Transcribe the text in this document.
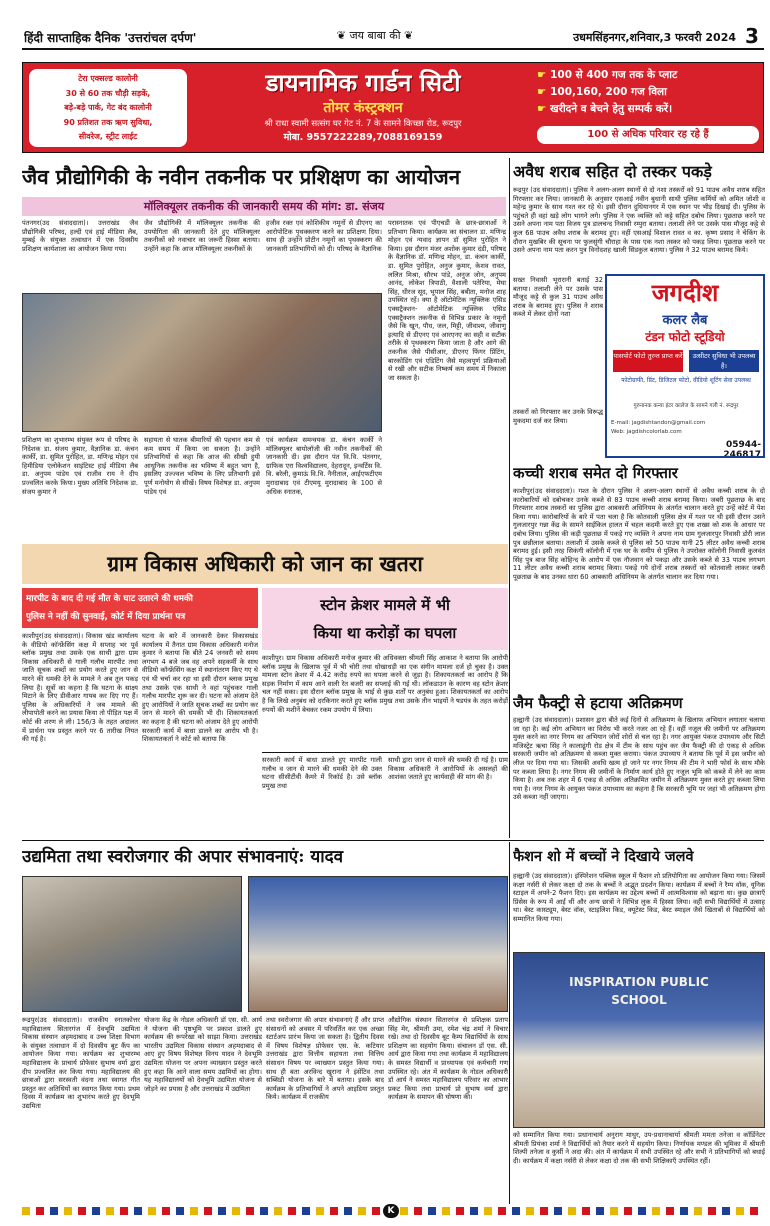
हिंदी साप्ताहिक दैनिक 'उत्तरांचल दर्पण'	❦ जय बाबा की ❦	उधमसिंहनगर,शनिवार,3 फरवरी 2024 3
टेरा एक्सल्ड कालोनी
30 से 60 तक चौड़ी सड़कें,
बड़े-बड़े पार्क, गेट बंद कालोनी
90 प्रतिशत तक ऋण सुविधा,
सीवरेज, स्ट्रीट लाईट
डायनामिक गार्डन सिटी
तोमर कंस्ट्रक्शन
श्री राधा स्वामी सत्संग घर गेट नं. 7 के सामने किच्छा रोड, रूदपुर
मोबा. 9557222289,7088169159
☛ 100 से 400 गज तक के प्लाट
☛ 100,160, 200 गज विला
☛ खरीदने व बेचने हेतु सम्पर्क करें।
100 से अधिक परिवार रह रहे हैं
जैव प्रौद्योगिकी के नवीन तकनीक पर प्रशिक्षण का आयोजन
मॉलिक्यूलर तकनीक की जानकारी समय की मांग: डा. संजय
पंतनगर(उद संवाददाता)। उत्तराखंड जैव प्रौद्योगिकी परिषद, हल्दी एवं हाई मीडिया लैब, मुम्बई के संयुक्त तत्वाधान में एक दिवसीय प्रशिक्षण कार्यशाला का आयोजन किया गया।
जैव प्रौद्योगिकी में मॉलिक्यूलर तकनीक की उपयोगिता की जानकारी देते हुए मॉलिक्यूलर तकनीकों को नवाचार का जरूरी हिस्सा बताया। उन्होंने कहा कि आज मॉलिक्यूलर तकनीकों के
हजीव रक्त एवं कोशिकीय नमूनों से डीएनए का आरोपोटिक पृथक्करण करने का प्रशिक्षण दिया। साथ ही उन्होंने प्रोटीन नमूनों का पृथक्करण की जानकारी प्रतिभागियों को दी। परिषद के वैज्ञानिक
परास्नातक एवं पीएचडी के छात्र-छात्राओं ने प्रतिभाग किया। कार्यक्रम का संचालन डा. मणिन्द्र मोहन एवं न्यवाद ज्ञापन डॉ सुमित पुरोहित ने किया। इस दौरान मंजर अशोक कुमार दंडी, परिषद के वैज्ञानिक डॉ. मणिन्द्र मोहन, डा. कंचन कार्की, डा. सुमित पुरोहित, अनुज कुमार, केशव रावत, ललित मिश्रा, सौरभ पांडे, अनुज जोन, अनुपम आनंद, लोकेश त्रिपाठी, वैशाली पतेरिया, मेघा सिंह, धीरज सूद, भूपाल सिंह, बबीता, मनोज शाह उपस्थित रहें। क्या है ऑटोमेटिक न्यूक्लिक एसिड एक्सट्रैक्शन- ऑटोमेटिक न्यूक्लिक एसिड एक्सट्रैक्शन तकनीक से विभिन्न प्रकार के नमूनों जैसे कि खून, पौध, जल, मिट्टी, जीवाश्म, जीवाणु इत्यादि से डीएनए एवं आरएनए का सही व सटीक तरीके से पृथक्करण किया जाता है और आगे की तकनीक जैसे पीसीआर, डीएनए फिंगर प्रिंटिंग, बारकोडिंग एवं एडिटिंग जैसे महत्वपूर्ण प्रक्रियाओं से रखी और सटीक निष्कर्ष कम समय में निकाला जा सकता है।
प्रशिक्षण का शुभारम्भ संयुक्त रूप से परिषद के निदेशक डा. संजय कुमार, वैज्ञानिक डा. कंचन कार्की, डा. सुमित पुरोहित, डा. मणिन्द्र मोहन एवं हिमीडिया एलोकेशन साइंटिस्ट हाई मीडिया लैब डा. अनुपम पांडेय एवं राजीव राय ने दीप प्रज्वलित करके किया। मुख्य अतिथि निदेशक डा. संजय कुमार ने
सहायता से घातक बीमारियों की पहचान कम से कम समय में किया जा सकता है। उन्होंने प्रतिभागियों से कहा कि आज की सीखी हुयी आधुनिक तकनीक का भविष्य में बहुत भाग है, इसलिए उज्ज्वल भविष्य के लिए प्रतिभागी इसे पूर्ण मनोयोग से सीखें। विषय विशेषज्ञ डा. अनुपम पांडेय एवं
एवं कार्यक्रम समन्वयक डा. कंचन कार्की ने मॉलिक्यूलर बायोलॉजी की नवीन तकनीकों की जानकारी दी। इस दौरान पंत वि.वि. पंतनगर, ग्राफिक एरा विश्वविद्यालय, देहरादून, इन्वर्टिस वि. वि. बरेली, कुमाऊं वि.वि. नैनीताल, आईएफटीएम मुरादाबाद एवं टीएमयू मुरादाबाद के 100 से अधिक स्नातक,
अवैध शराब सहित दो तस्कर पकड़े
रूद्रपुर (उद संवाददाता)। पुलिस ने अलग-अलग स्थानों से दो नशा तस्करों को 91 पाउच अवैध शराब सहित गिरफ्तार कर लिया। जानकारी के अनुसार एसआई नवीन बुधानी साथी पुलिस कर्मियों को अमित जोशी व महेन्द्र कुमार के साथ गश्त कर रहे थे। इसी दौरान दुधियानगर में एक स्थान पर भीड़ दिखाई दी। पुलिस के पहुंचते ही वहां खड़े लोग भागने लगे। पुलिस ने एक व्यक्ति को कट्टे सहित दबोच लिया। पूछताछ करने पर उसने अपना नाम पता विजय पुत्र डालचन्द निवासी रम्पुरा बताया। तलाशी लेने पर उसके पास मौजूद कट्टे से कुल 68 पाउच अवैध शराब के बरामद हुए। वहीं एसआई विशाल रावत व का. कृष्ण प्रसाद ने चेकिंग के दौरान मुखबिर की सूचना पर फुलसुंगी चौराहा के पास एक नशा तस्कर को पकड़ लिया। पूछताछ करने पर उसने अपना नाम पता करन पुत्र विनोदशह खाली सिडकुल बताया। पुलिस ने 32 पाउच बरामद किये।
सख्त निवासी भूरारानी बताई 32 बताया। तलाशी लेने पर उसके पास मौजूद कट्टे से कुल 31 पाउच अवैध शराब के बरामद हुए। पुलिस ने शराब कब्जे में लेकर दोनों नशा
जगदीश
कलर लैब
टंडन फोटो स्टूडियो
पासपोर्ट फोटो तुरन्त प्राप्त करें	उत्सीटर सुविधा भी उपलब्ध है।
फोटोग्राफी, प्रिंट, डिजिटल फोटो, वीडियो शूटिंग सेवा उपलब्ध
गुरुनानक कन्या इंटर कालेज के सामने गली नं. रूद्रपुर
E-mail: jagdishtandon@gmail.com
Web: jagdishcolorlab.com
05944-246817
तस्करों को गिरफ्तार कर उनके विरूद्ध मुकदमा दर्ज कर लिया।
कच्ची शराब समेत दो गिरफ्तार
काशीपुर(उद संवाददाता)। गश्त के दौरान पुलिस ने अलग-अलग स्थानों से अवैध कच्ची शराब के दो कारोबारियों को दबोचकर उनके कब्जे से 83 पाउच कच्ची शराब बरामद किया। जबरी पूछताछ के बाद गिरफ्तार शराब तस्करों का पुलिस द्वारा आबकारी अधिनियम के अंतर्गत चालान करते हुए उन्हें कोर्ट में पेश किया गया। कारोबारियों के बारे में पता चला है कि कोतवाली पुलिस क्षेत्र में गश्त पर थी इसी दौरान उसने गुलजारपुर गन्ना केंद्र के सामने साईकिल हालत में चहल कदमी करते हुए एक शख्स को शक के आधार पर दबोच लिया। पुलिस की कड़ी पूछताछ में पकड़े गए व्यक्ति ने अपना नाम ग्राम गुलजारपुर निवासी डोरी लाल पुत्र छन्नीलाल बताया। तलाशी में उसके कब्जे से पुलिस को 50 पाउच यानी 25 लीटर अवैध कच्ची शराब बरामद हुई। इसी तरह सिकंगी कॉलोनी में एक घर के समीप से पुलिस ने उपरोक्त कॉलोनी निवासी कुलवंत सिंह पुत्र बाज सिंह कोहिन्द के आरोप में एक नौजवान को पकड़ा और उसके कब्जे से 33 पाउच लगभग 11 लीटर अवैध कच्ची शराब बरामद किया। पकड़े गये दोनों शराब तस्करों को कोतवाली लाकर जबरी पूछताछ के बाद उनका धारा 60 आबकारी अधिनियम के अंतर्गत चालान कर दिया गया।
जैम फैक्ट्री से हटाया अतिक्रमण
हल्द्वानी (उद संवाददाता)। प्रशासन द्वारा बीते कई दिनों से अतिक्रमण के खिलाफ अभियान लगातार चलाया जा रहा है। कई लोग अभियान का विरोध भी करते नजर आ रहे हैं। वहीं नजूल की जमीनों पर अतिक्रमण मुक्त करने का नगर निगम का अभियान जोरों शोरों से चल रहा है। नगर आयुक्त पंकज उपाध्याय और सिटी मजिस्ट्रेट ऋचा सिंह ने कालाढूंगी रोड क्षेत्र में टीम के साथ पहुंच कर जैम फैक्ट्री की दो एकड़ से अधिक सरकारी जमीन को अतिक्रमण से कब्जा मुक्त कराया। पंकज उपाध्याय ने बताया कि पूर्व में इस जमीन को लीज पर दिया गया था। जिसकी अवधि खत्म हो जाने पर नगर निगम की टीम ने भारी फोर्स के साथ मौके पर कब्जा लिया है। नगर निगम की जमीनों के निर्माण कार्य होते हुए नजूल भूमि को कब्जे में लेने का काम किया है। अब तक शहर में 6 एकड़ से अधिक अतिक्रमित जमीन में अतिक्रमण मुक्त करते हुए कब्जा लिया गया है। नगर निगम के आयुक्त पंकज उपाध्याय का कहना है कि सरकारी भूमि पर जहां भी अतिक्रमण होगा उसे कब्जा नहीं जाएगा।
ग्राम विकास अधिकारी को जान का खतरा
मारपीट के बाद दी गई मौत के घाट उतारने की धमकी
पुलिस ने नहीं की सुनवाई, कोर्ट में दिया प्रार्थना पत्र
काशीपुर(उद संवाददाता)। विकास खंड कार्यालय के वीडियो कॉन्फ्रेंसिंग कक्ष में सप्ताह भर पूर्व ब्लॉक प्रमुख तथा उसके एक साथी द्वारा ग्राम विकास अधिकारी से गाली गलौच मारपीट तथा जाति सूचक शब्दों का प्रयोग करते हुए जान से मारने की धमकी देने के मामले ने अब तूल पकड़ लिया है। सूत्रों का कहना है कि घटना के साक्ष्य मिटाने के लिए डीवीआर गायब कर दिए गए हैं। पुलिस के अधिकारियों ने जब मामले की लीपापोती करने का प्रयास किया तो पीड़ित पक्ष में कोर्ट की शरण ले ली। 156/3 के तहत अदालत में प्रार्थना पत्र प्रस्तुत करने पर 6 तारीख नियत की गई है।
घटना के बारे में जानकारी देकर विकासखंड कार्यालय में तैनात ग्राम विकास अधिकारी मनोज कुमार ने बताया कि बीते 24 जनवरी को समय लगभग 4 बजे जब वह अपने सहकर्मी के साथ वीडियो कॉन्फ्रेंसिंग कक्ष में स्थानांतरण किए गए थे एवं थी चर्चा कर रहा था इसी दौरान ब्लाक प्रमुख तथा उसके एक साथी ने वहां पहुंचकर गाली गलौच मारपीट शुरू कर दी। घटना को अंजाम देते हुए आरोपियों ने जाति सूचक शब्दों का प्रयोग कर जान से मारने की धमकी भी दी। शिकायतकर्ता का कहना है की घटना को अंजाम देते हुए आरोपी सरकारी कार्य में बाधा डालने का आरोप भी है। शिकायतकर्ता ने कोर्ट को बताया कि
स्टोन क्रेशर मामले में भी
किया था करोड़ों का घपला
काशीपुर। ग्राम विकास अधिकारी मनोज कुमार की अधिवक्ता श्रीमती सिंह आकाश ने बताया कि आरोपी ब्लॉक प्रमुख के खिलाफ पूर्व में भी चोरी तथा धोखाधड़ी का एक संगीन मामला दर्ज हो चुका है। उक्त मामला स्टोन क्रेशर में 4.42 करोड़ रुपये का घपला करने से जुड़ा है। शिकायतकर्ता का आरोप है कि सड़क निर्माण में काम आने वाली रेत बजरी का सप्लाई की गई थी। लॉकडाउन के कारण वह स्टोन क्रेशर चल नहीं सका। इस दौरान ब्लॉक प्रमुख के भाई से कुछ शर्तों पर अनुबंध हुआ। शिकायतकर्ता का आरोप है कि लिखे अनुबंध को दरकिनार करते हुए ब्लॉक प्रमुख तथा उसके तीन भाइयों ने षडयंत्र के तहत करोड़ों रुपयों की मशीनें बेचकर रकम उपयोग में लिया।
सरकारी कार्य में बाधा डालते हुए मारपीट गाली गलौच व जान से मारने की धमकी देने की उक्त घटना सीसीटीवी कैमरे में रिकॉर्ड है। उसे ब्लॉक प्रमुख तथा
साथी द्वारा जान से मारने की धमकी दी गई है। ग्राम विकास अधिकारी ने आरोपियों के असलहों की आशंका जताते हुए कार्यवाही की मांग की है।
उद्यमिता तथा स्वरोजगार की अपार संभावनाएं: यादव
रूद्रपुर(उद संवाददाता)। राजकीय स्नातकोत्तर महाविद्यालय सितारगंज में देवभूमि उद्यमिता विकास संस्थान अहमदाबाद व उच्च शिक्षा विभाग के संयुक्त तत्वाधान में दो दिवसीय बूट कैंप का आयोजन किया गया। कार्यक्रम का शुभारम्भ महाविद्यालय के प्राचार्य प्रोफेसर सुभाष वर्मा द्वारा दीप प्रज्वलित कर किया गया। महाविद्यालय की छात्राओं द्वारा सरस्वती वंदना तथा स्वागत गीत प्रस्तुत कर अतिथियों का स्वागत किया गया। प्रथम दिवस में कार्यक्रम का शुभारंभ करते हुए देवभूमि उद्यमिता
योजना केंद्र के नोडल अधिकारी डॉ एस. सी. आर्य ने योजना की पृष्ठभूमि पर प्रकाश डालते हुए कार्यक्रम की रूपरेखा को साझा किया। उत्तराखंड भारतीय उद्यमिता विकास संस्थान अहमदाबाद से आए हुए विषय विशेषज्ञ विनय यादव ने देवभूमि उद्यमिता योजना पर अपना व्याख्यान प्रस्तुत करते हुए कहा कि आने वाला समय उद्यमियों का होगा। यह महाविद्यालयों को देवभूमि उद्यमिता योजना से जोड़ने का प्रयास है और उत्तराखंड में उद्यमिता
तथा स्वरोजगार की अपार संभावनाएं हैं और प्राप्त संसाधनों को अवसर में परिवर्तित कर एक अच्छा स्टार्टअप प्रारंभ किया जा सकता है। द्वितीय दिवस में विषय विशेषज्ञ प्रोफेसर एस. के. कटियार उत्तराखंड द्वारा वित्तीय सहायता तथा वित्तिय संसाधन विषय पर व्याख्यान प्रस्तुत किया गया। साथ ही बता अरविन्द खुराना ने इंसेंटिव तथा सब्सिडी योजना के बारे में बताया। इसके बाद कार्यक्रम के प्रतिभागियों ने अपने आइडिया प्रस्तुत किये। कार्यक्रम में राजकीय
औद्योगिक संस्थान सितारगंज से प्रशिक्षक प्रताप सिंह मेर, श्रीमती उमा, रमेश चंद्र शर्मा ने विचार रखे। तथा दो दिवसीय बूट कैम्प विद्यार्थियों के साथ प्रशिक्षण का सहयोग किया। संचालन डॉ एस. सी. आर्य द्वारा किया गया तथा कार्यक्रम में महाविद्यालय के समस्त विद्यार्थी व प्राध्यापक एवं कर्मचारी गण उपस्थित रहे। अंत में कार्यक्रम के नोडल अधिकारी डॉ आर्य ने समस्त महाविद्यालय परिवार का आभार प्रकट किया तथा प्राचार्य प्रो सुभाष वर्मा द्वारा कार्यक्रम के समापन की घोषणा की।
फैशन शो में बच्चों ने दिखाये जलवे
हल्द्वानी (उद संवाददाता)। इंस्पिरेशन पब्लिक स्कूल में फैशन शो प्रतियोगिता का आयोजन किया गया। जिसमें कक्षा नर्सरी से लेकर कक्षा दो तक के बच्चों ने अद्भुत प्रदर्शन किया। कार्यक्रम में बच्चों ने रैम्प वॉक, यूनिक स्टाइल में अपने-2 फैशन दिए। इस कार्यक्रम का उद्देश्य बच्चों में आत्मविश्वास को बढ़ाना था। कुछ छात्राएँ प्रिंसेस के रूप में आईं थीं और अन्य छात्रों ने विभिन्न लुक में हिस्सा लिया। वहीं सभी विद्यार्थियों में उत्साह था। बेस्ट कास्ट्यूम, बेस्ट वॉक, स्टाइलिश किड, क्यूटेस्ट किड, बेस्ट स्माइल जैसे खिताबों से विद्यार्थियों को सम्मानित किया गया।
INSPIRATION PUBLIC SCHOOL
को सम्मानित किया गया। प्रधानाचार्य अनुराग माथुर, उप-प्रधानाचार्या श्रीमती ममता तनेजा व कॉर्डिनेटर श्रीमती प्रियंका शर्मा ने विद्यार्थियों को तैयार करने में सहयोग किया। निर्णायक मण्डल की भूमिका में श्रीमती शिल्पी तनेजा व कुर्सी ने अदा की। अंत में कार्यक्रम में सभी उपस्थित रहे और सभी ने प्रतिभागियों को बधाई दी। कार्यक्रम में कक्षा नर्सरी से लेकर कक्षा दो तक की सभी शिक्षिकाएँ उपस्थित रहीं।
K
